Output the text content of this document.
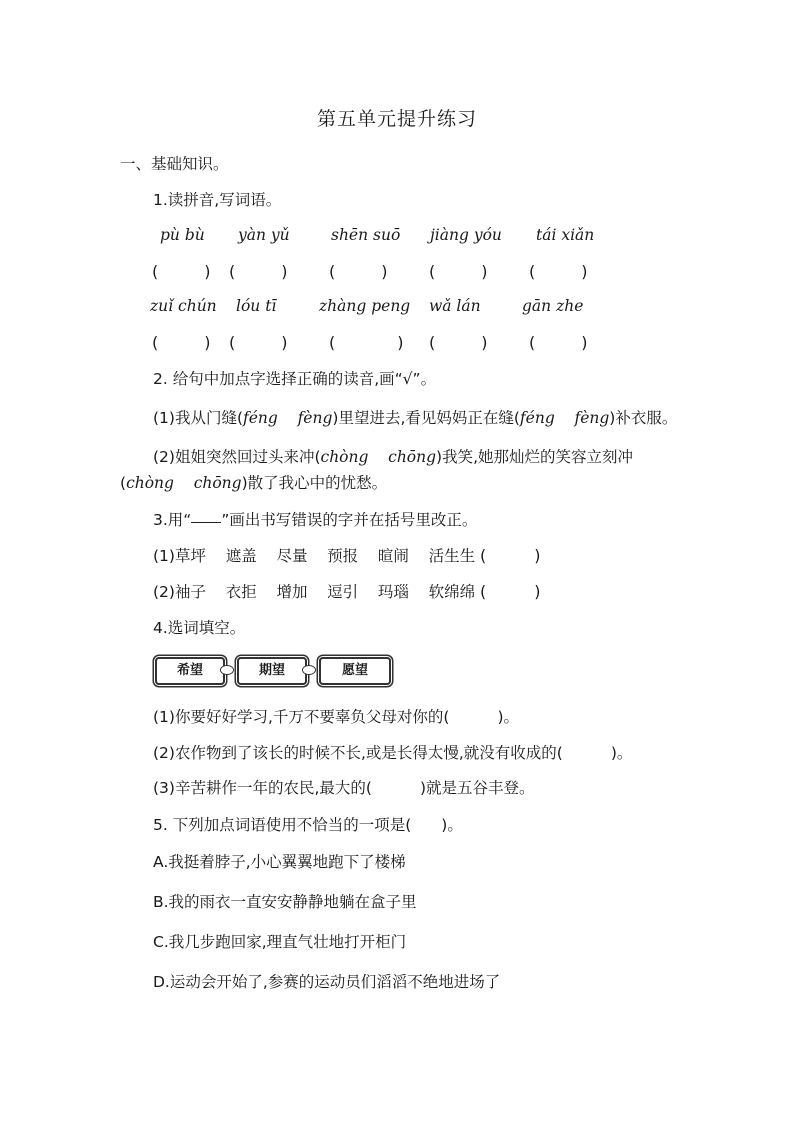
第五单元提升练习
一、基础知识。
1.读拼音,写词语。
pù bù yàn yǔ	shēn suō jiàng yóu tái xiǎn
(	) (	)	(	)	(	)	(	)
zuǐ chún lóu tī	zhàng peng wǎ lán	gān zhe
(	) (	)	(	) (	)	(	)
2. 给句中加点字选择正确的读音,画“√”。
(1)我从门缝(féng fèng)里望进去,看见妈妈正在缝(féng fèng)补衣服。
(2)姐姐突然回过头来冲(chòng chōng)我笑,她那灿烂的笑容立刻冲
(chòng chōng)散了我心中的忧愁。
3.用“ ”画出书写错误的字并在括号里改正。
(1)草坪 遮盖 尽量 预报 暄闹 活生生 (	)
(2)袖子 衣拒 增加 逗引 玛瑙 软绵绵 (	)
4.选词填空。
希望	期望	愿望
(1)你要好好学习,千万不要辜负父母对你的(	)。
(2)农作物到了该长的时候不长,或是长得太慢,就没有收成的(	)。
(3)辛苦耕作一年的农民,最大的(	)就是五谷丰登。
5. 下列加点词语使用不恰当的一项是( )。
A.我挺着脖子,小心翼翼地跑下了楼梯
B.我的雨衣一直安安静静地躺在盒子里
C.我几步跑回家,理直气壮地打开柜门
D.运动会开始了,参赛的运动员们滔滔不绝地进场了
